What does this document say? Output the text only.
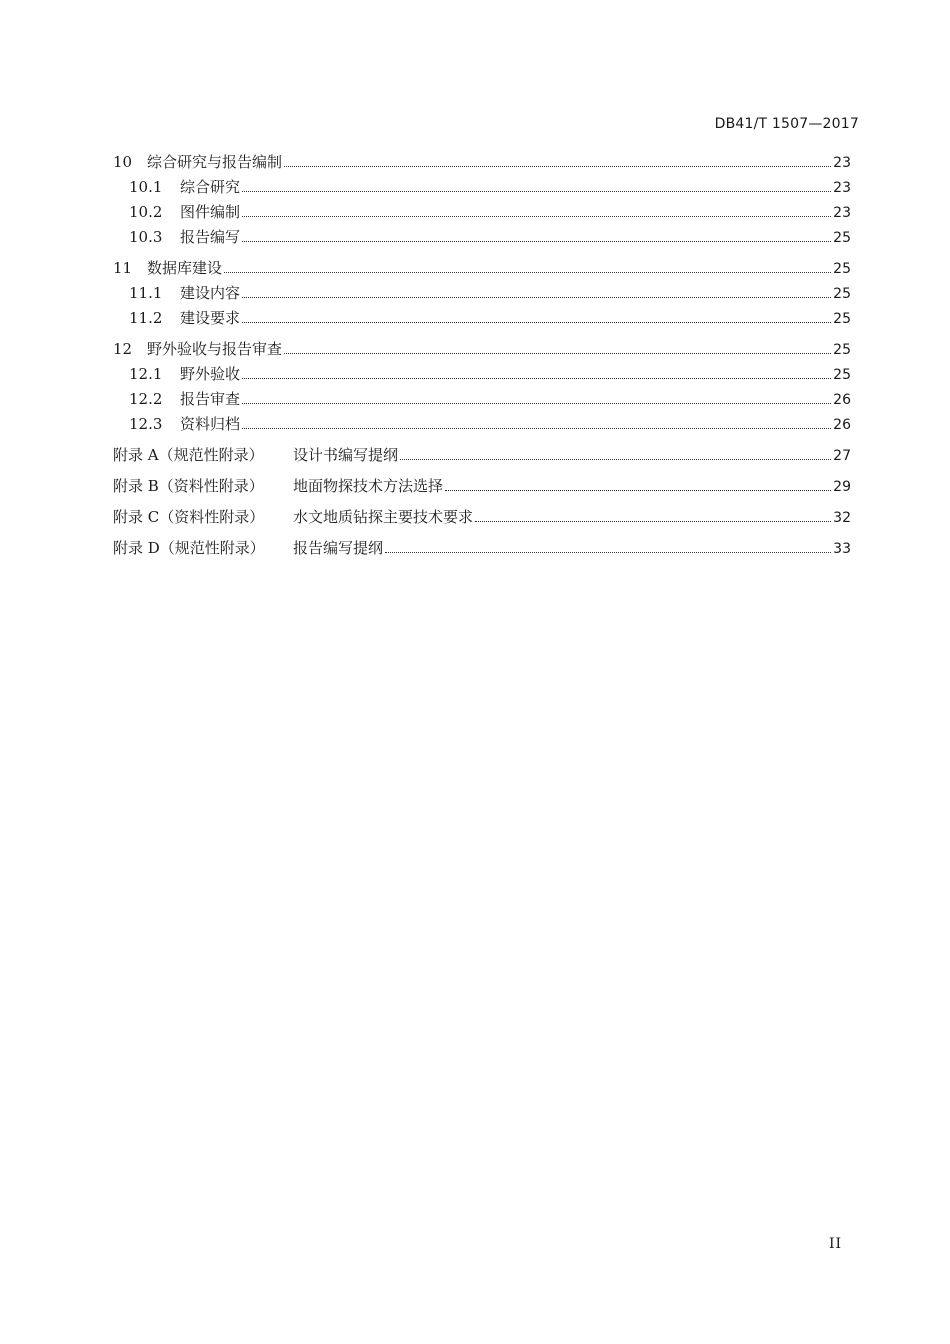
DB41/T 1507—2017
10 综合研究与报告编制	23
10.1	综合研究	23
10.2	图件编制	23
10.3	报告编写	25
11 数据库建设	25
11.1	建设内容	25
11.2	建设要求	25
12 野外验收与报告审查	25
12.1	野外验收	25
12.2	报告审查	26
12.3	资料归档	26
附录 A（规范性附录）	设计书编写提纲	27
附录 B（资料性附录）	地面物探技术方法选择	29
附录 C（资料性附录）	水文地质钻探主要技术要求	32
附录 D（规范性附录）	报告编写提纲	33
II
